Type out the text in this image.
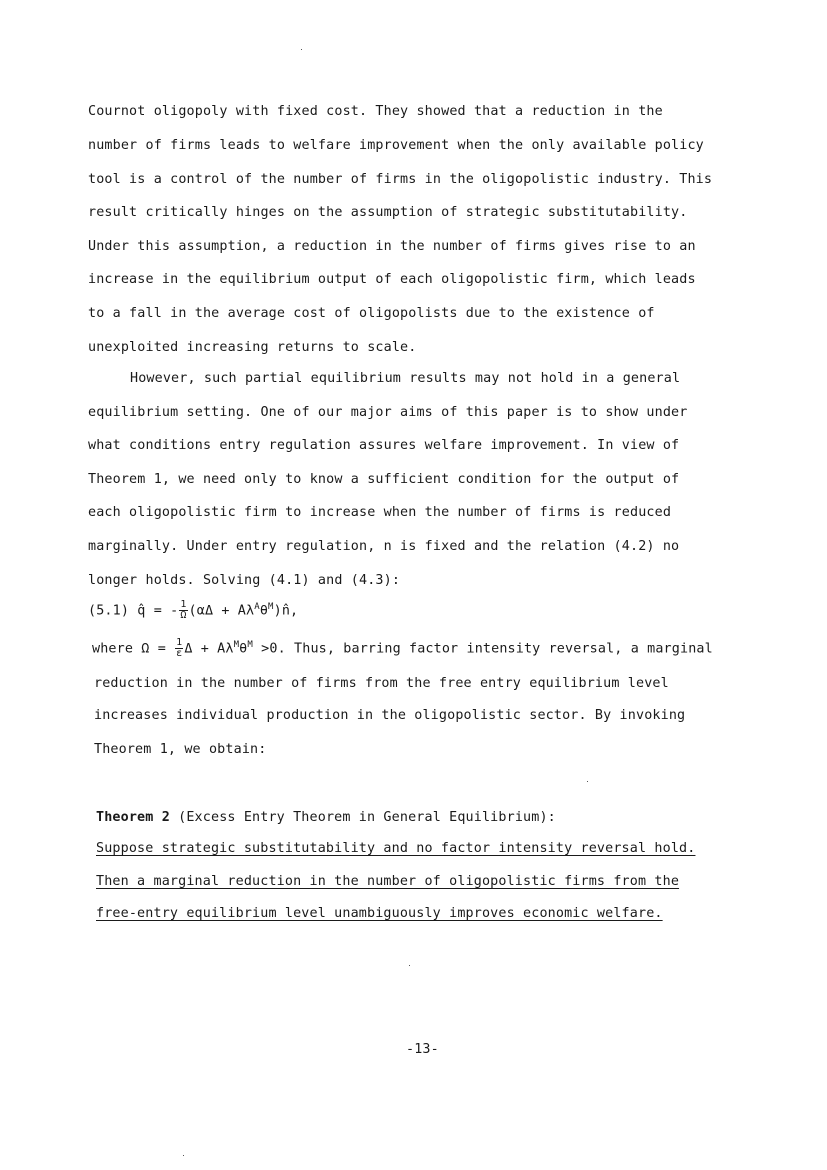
Cournot oligopoly with fixed cost. They showed that a reduction in the
number of firms leads to welfare improvement when the only available policy
tool is a control of the number of firms in the oligopolistic industry. This
result critically hinges on the assumption of strategic substitutability.
Under this assumption, a reduction in the number of firms gives rise to an
increase in the equilibrium output of each oligopolistic firm, which leads
to a fall in the average cost of oligopolists due to the existence of
unexploited increasing returns to scale.
However, such partial equilibrium results may not hold in a general
equilibrium setting. One of our major aims of this paper is to show under
what conditions entry regulation assures welfare improvement. In view of
Theorem 1, we need only to know a sufficient condition for the output of
each oligopolistic firm to increase when the number of firms is reduced
marginally. Under entry regulation, n is fixed and the relation (4.2) no
longer holds. Solving (4.1) and (4.3):
(5.1) q̂ = - $\frac{1}{\Omega} (\alpha\Delta$ + $A\lambda^A\theta^M)n̂$,
where $\Omega = \frac{1}{\varepsilon}$ $\Delta + A\lambda^M\theta^M >0$. Thus, barring factor intensity reversal, a marginal
reduction in the number of firms from the free entry equilibrium level
increases individual production in the oligopolistic sector. By invoking
Theorem 1, we obtain:
Theorem 2 (Excess Entry Theorem in General Equilibrium):
Suppose strategic substitutability and no factor intensity reversal hold.
Then a marginal reduction in the number of oligopolistic firms from the
free-entry equilibrium level unambiguously improves economic welfare.
-13-
